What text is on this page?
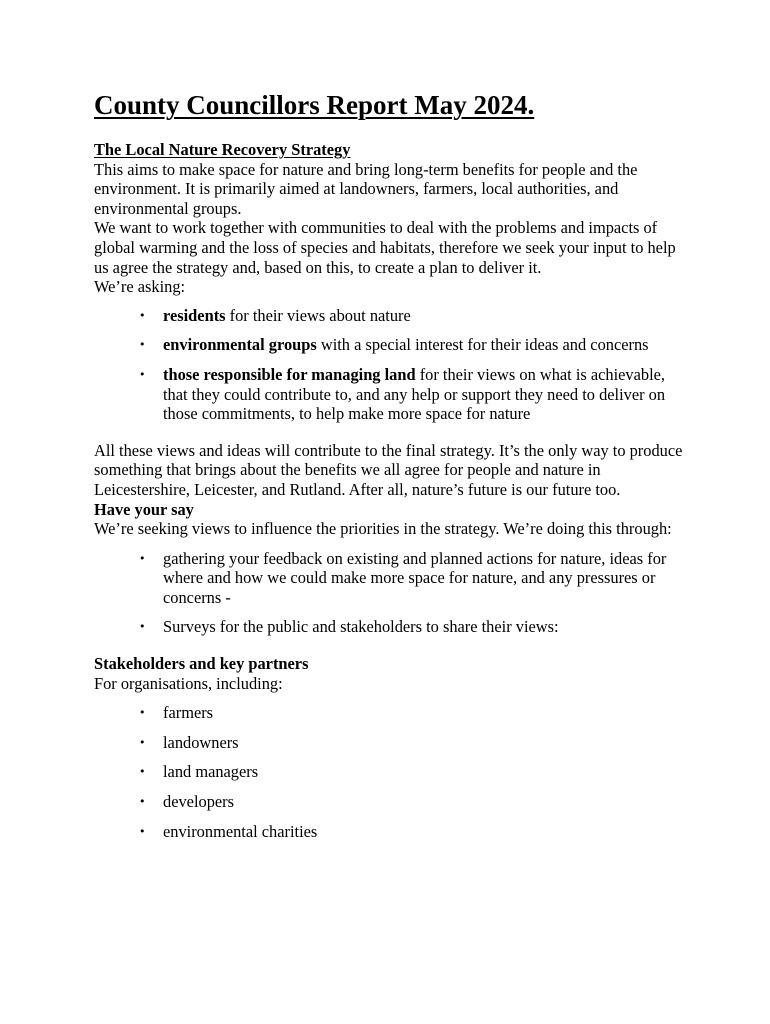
County Councillors Report May 2024.

The Local Nature Recovery Strategy

This aims to make space for nature and bring long-term benefits for people and the environment. It is primarily aimed at landowners, farmers, local authorities, and environmental groups.

We want to work together with communities to deal with the problems and impacts of global warming and the loss of species and habitats, therefore we seek your input to help us agree the strategy and, based on this, to create a plan to deliver it.

We’re asking:

• residents for their views about nature
• environmental groups with a special interest for their ideas and concerns
• those responsible for managing land for their views on what is achievable, that they could contribute to, and any help or support they need to deliver on those commitments, to help make more space for nature

All these views and ideas will contribute to the final strategy. It’s the only way to produce something that brings about the benefits we all agree for people and nature in Leicestershire, Leicester, and Rutland. After all, nature’s future is our future too.

Have your say

We’re seeking views to influence the priorities in the strategy. We’re doing this through:

• gathering your feedback on existing and planned actions for nature, ideas for where and how we could make more space for nature, and any pressures or concerns -
• Surveys for the public and stakeholders to share their views:

Stakeholders and key partners

For organisations, including:

• farmers
• landowners
• land managers
• developers
• environmental charities
